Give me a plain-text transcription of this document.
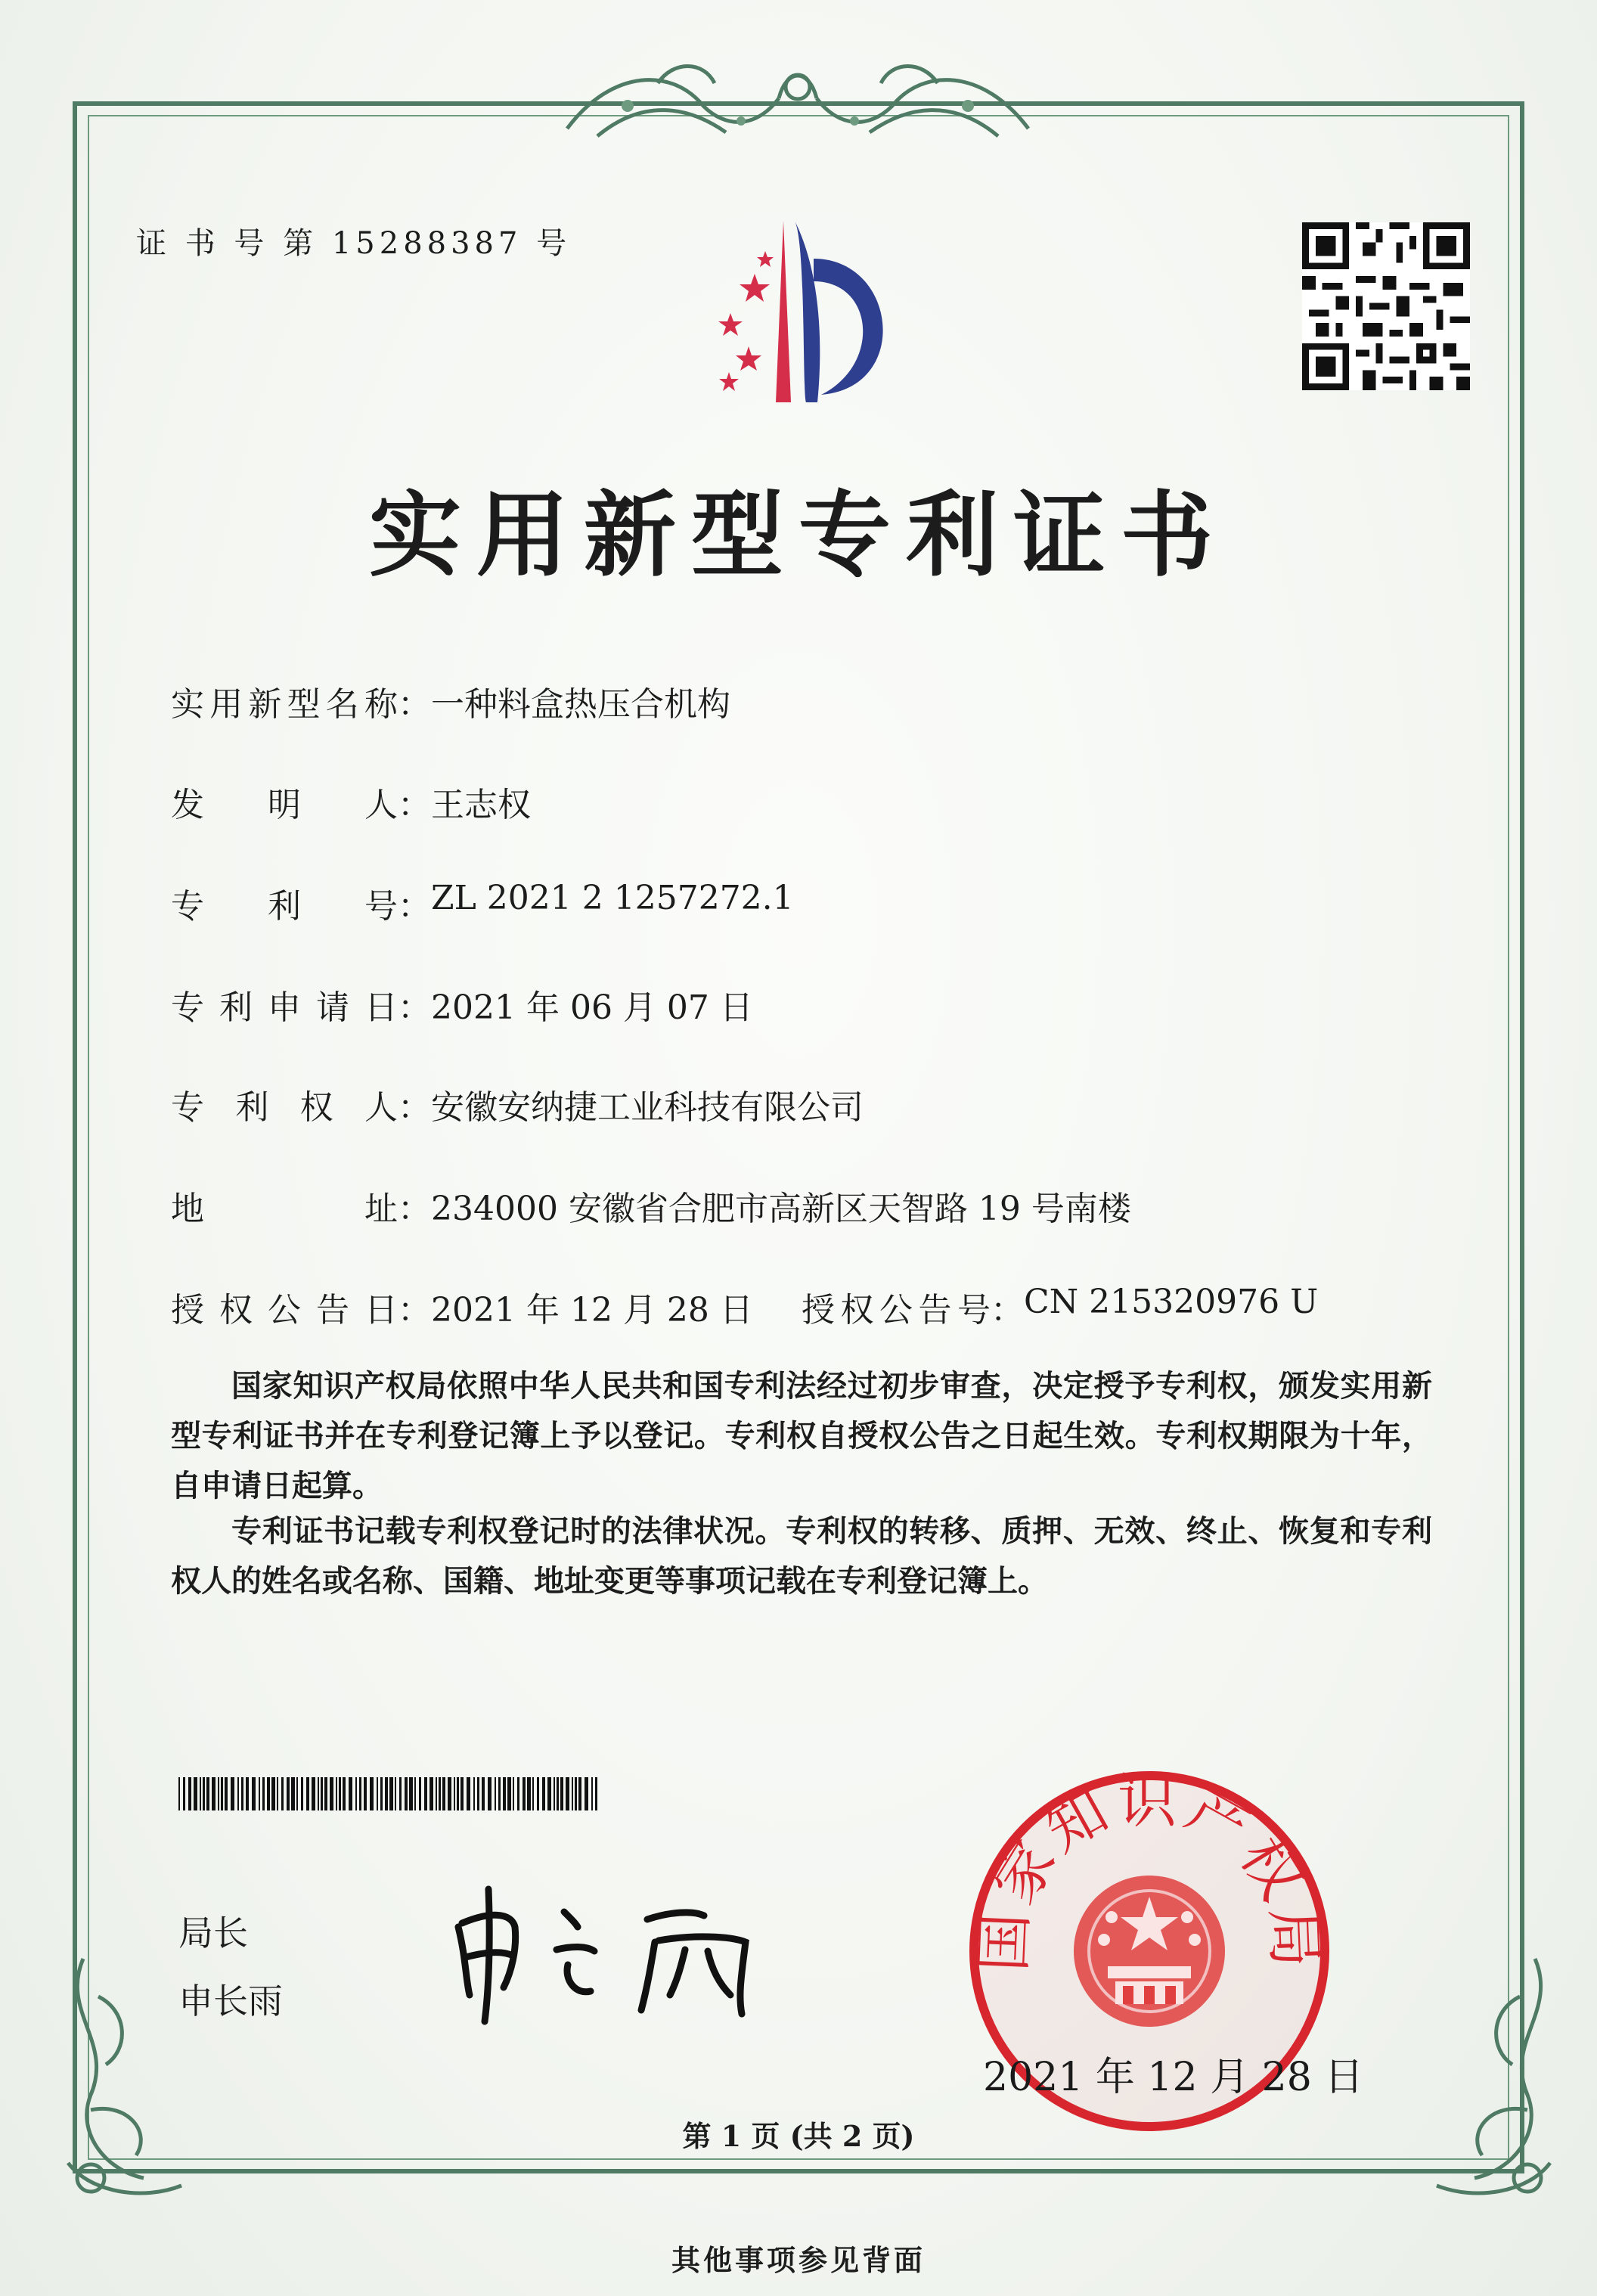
证 书 号 第 15288387 号
实用新型专利证书
实用新型名称 ： 一种料盒热压合机构
发 明 人 ： 王志权
专 利 号 ： ZL 2021 2 1257272.1
专利申请日 ： 2021 年 06 月 07 日
专 利 权 人 ： 安徽安纳捷工业科技有限公司
地 址 ： 234000 安徽省合肥市高新区天智路 19 号南楼
授权公告日 ： 2021 年 12 月 28 日 授权公告号 ： CN 215320976 U
国家知识产权局依照中华人民共和国专利法经过初步审查，决定授予专利权，颁发实用新型专利证书并在专利登记簿上予以登记。专利权自授权公告之日起生效。专利权期限为十年，自申请日起算。
专利证书记载专利权登记时的法律状况。专利权的转移、质押、无效、终止、恢复和专利权人的姓名或名称、国籍、地址变更等事项记载在专利登记簿上。
局长
申长雨
国家知识产权局
2021 年 12 月 28 日
第 1 页 (共 2 页)
其他事项参见背面
